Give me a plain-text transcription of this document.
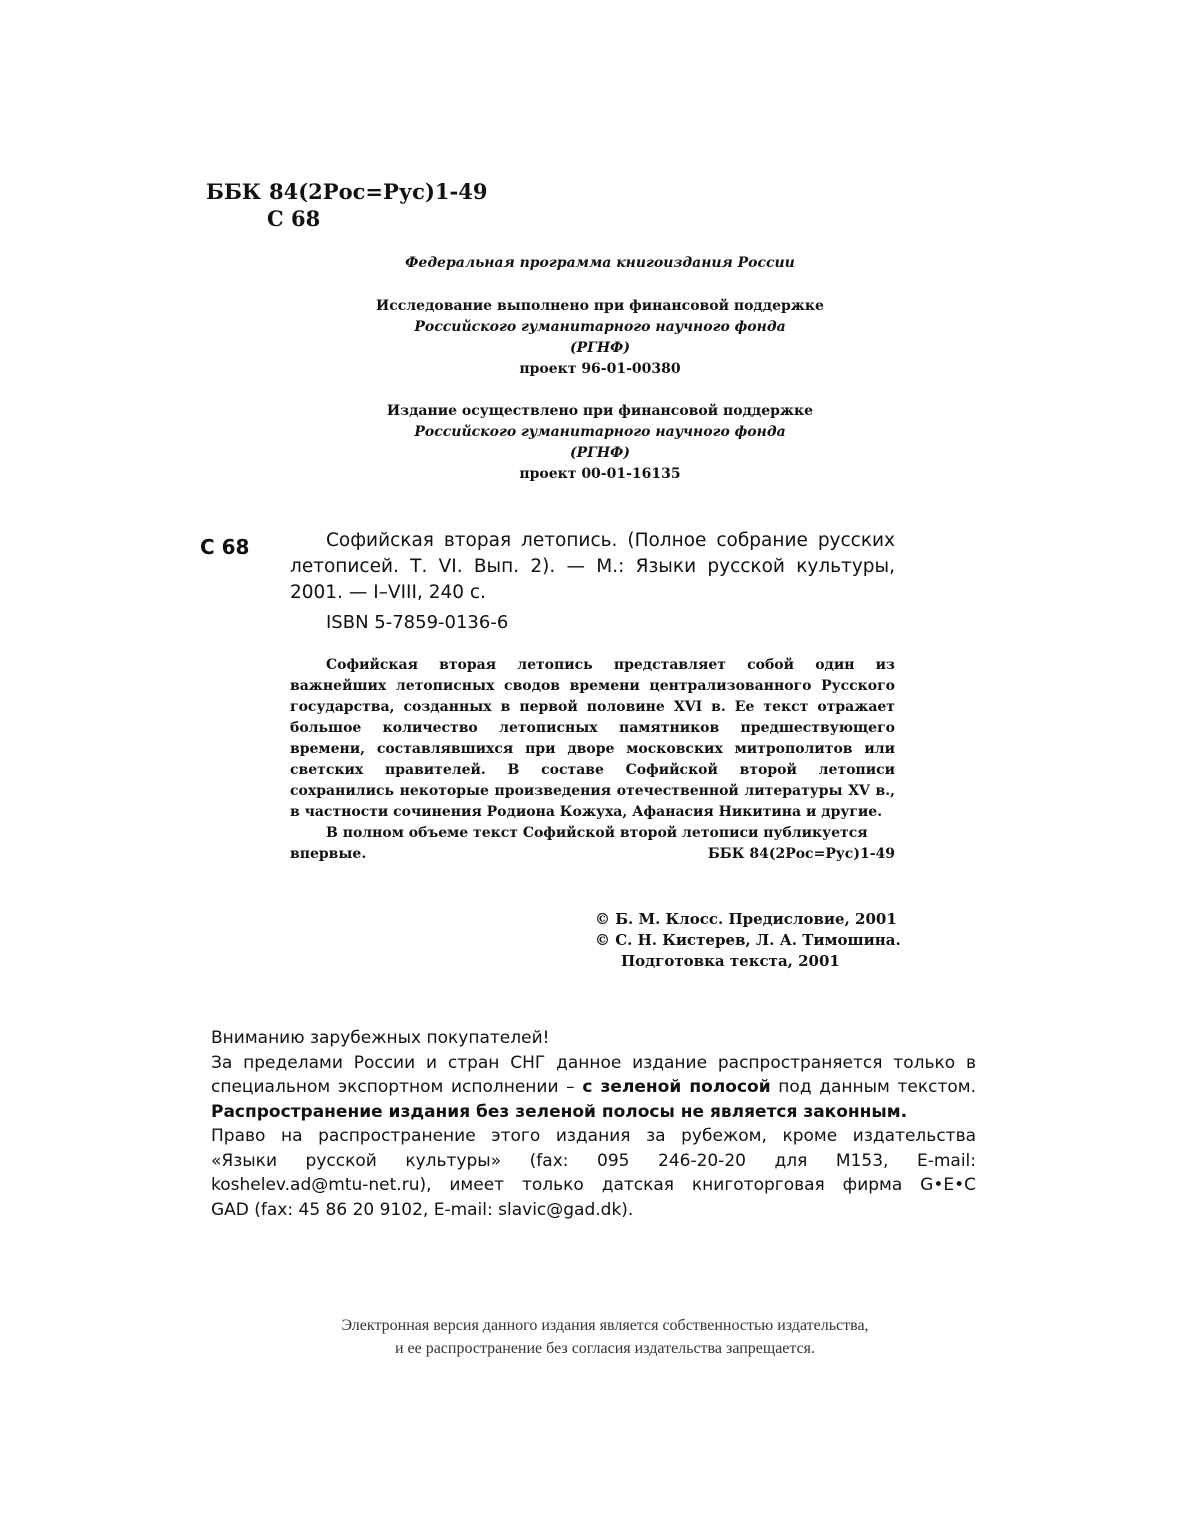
ББК 84(2Рос=Рус)1-49
С 68
Федеральная программа книгоиздания России
Исследование выполнено при финансовой поддержке
Российского гуманитарного научного фонда
(РГНФ)
проект 96-01-00380
Издание осуществлено при финансовой поддержке
Российского гуманитарного научного фонда
(РГНФ)
проект 00-01-16135
С 68	Софийская вторая летопись. (Полное собрание русских летописей. Т. VI. Вып. 2). — М.: Языки русской культуры, 2001. — I–VIII, 240 с.
ISBN 5-7859-0136-6

Софийская вторая летопись представляет собой один из важнейших летописных сводов времени централизованного Русского государства, созданных в первой половине XVI в. Ее текст отражает большое количество летописных памятников предшествующего времени, составлявшихся при дворе московских митрополитов или светских правителей. В составе Софийской второй летописи сохранились некоторые произведения отечественной литературы XV в., в частности сочинения Родиона Кожуха, Афанасия Никитина и другие.

В полном объеме текст Софийской второй летописи публикуется

впервые.	ББК 84(2Рос=Рус)1-49
© Б. М. Клосс. Предисловие, 2001
© С. Н. Кистерев, Л. А. Тимошина.
Подготовка текста, 2001
Вниманию зарубежных покупателей!
За пределами России и стран СНГ данное издание распространяется только в
специальном экспортном исполнении – с зеленой полосой под данным текстом.
Распространение издания без зеленой полосы не является законным.
Право на распространение этого издания за рубежом, кроме издательства
«Языки русской культуры» (fax: 095 246-20-20 для M153, E-mail:
koshelev.ad@mtu-net.ru), имеет только датская книготорговая фирма G•E•C
GAD (fax: 45 86 20 9102, E-mail: slavic@gad.dk).
Электронная версия данного издания является собственностью издательства,
и ее распространение без согласия издательства запрещается.
